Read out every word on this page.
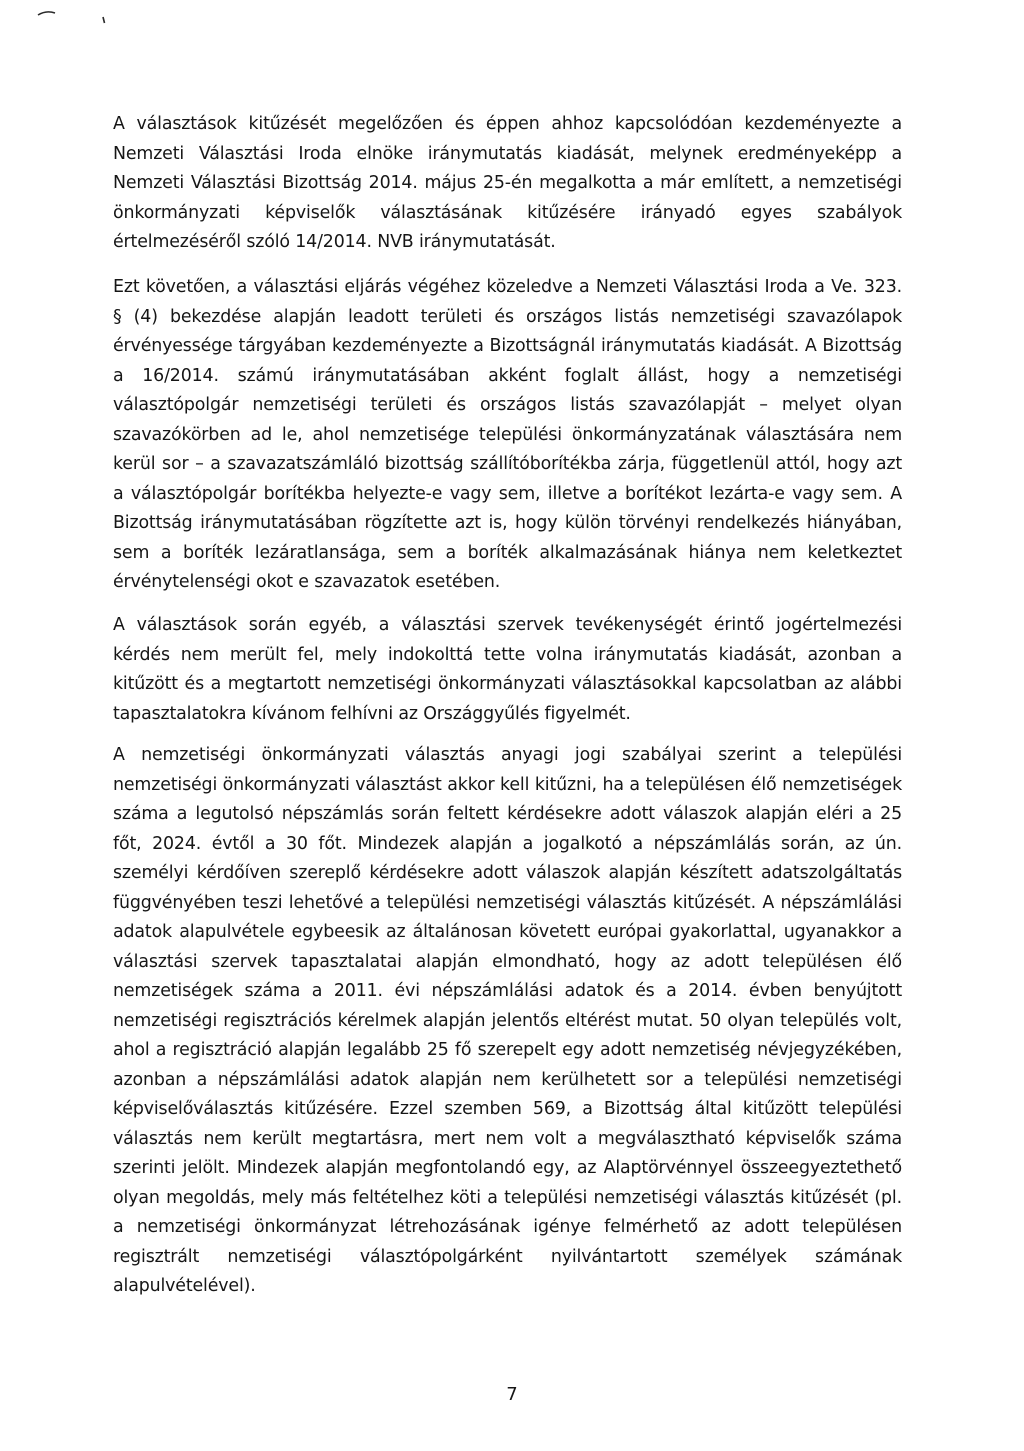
A választások kitűzését megelőzően és éppen ahhoz kapcsolódóan kezdeményezte a Nemzeti Választási Iroda elnöke iránymutatás kiadását, melynek eredményeképp a Nemzeti Választási Bizottság 2014. május 25-én megalkotta a már említett, a nemzetiségi önkormányzati képviselők választásának kitűzésére irányadó egyes szabályok értelmezéséről szóló 14/2014. NVB iránymutatását.

Ezt követően, a választási eljárás végéhez közeledve a Nemzeti Választási Iroda a Ve. 323. § (4) bekezdése alapján leadott területi és országos listás nemzetiségi szavazólapok érvényessége tárgyában kezdeményezte a Bizottságnál iránymutatás kiadását. A Bizottság a 16/2014. számú iránymutatásában akként foglalt állást, hogy a nemzetiségi választópolgár nemzetiségi területi és országos listás szavazólapját – melyet olyan szavazókörben ad le, ahol nemzetisége települési önkormányzatának választására nem kerül sor – a szavazatszámláló bizottság szállítóborítékba zárja, függetlenül attól, hogy azt a választópolgár borítékba helyezte-e vagy sem, illetve a borítékot lezárta-e vagy sem. A Bizottság iránymutatásában rögzítette azt is, hogy külön törvényi rendelkezés hiányában, sem a boríték lezáratlansága, sem a boríték alkalmazásának hiánya nem keletkeztet érvénytelenségi okot e szavazatok esetében.

A választások során egyéb, a választási szervek tevékenységét érintő jogértelmezési kérdés nem merült fel, mely indokolttá tette volna iránymutatás kiadását, azonban a kitűzött és a megtartott nemzetiségi önkormányzati választásokkal kapcsolatban az alábbi tapasztalatokra kívánom felhívni az Országgyűlés figyelmét.

A nemzetiségi önkormányzati választás anyagi jogi szabályai szerint a települési nemzetiségi önkormányzati választást akkor kell kitűzni, ha a településen élő nemzetiségek száma a legutolsó népszámlás során feltett kérdésekre adott válaszok alapján eléri a 25 főt, 2024. évtől a 30 főt. Mindezek alapján a jogalkotó a népszámlálás során, az ún. személyi kérdőíven szereplő kérdésekre adott válaszok alapján készített adatszolgáltatás függvényében teszi lehetővé a települési nemzetiségi választás kitűzését. A népszámlálási adatok alapulvétele egybeesik az általánosan követett európai gyakorlattal, ugyanakkor a választási szervek tapasztalatai alapján elmondható, hogy az adott településen élő nemzetiségek száma a 2011. évi népszámlálási adatok és a 2014. évben benyújtott nemzetiségi regisztrációs kérelmek alapján jelentős eltérést mutat. 50 olyan település volt, ahol a regisztráció alapján legalább 25 fő szerepelt egy adott nemzetiség névjegyzékében, azonban a népszámlálási adatok alapján nem kerülhetett sor a települési nemzetiségi képviselőválasztás kitűzésére. Ezzel szemben 569, a Bizottság által kitűzött települési választás nem került megtartásra, mert nem volt a megválasztható képviselők száma szerinti jelölt. Mindezek alapján megfontolandó egy, az Alaptörvénnyel összeegyeztethető olyan megoldás, mely más feltételhez köti a települési nemzetiségi választás kitűzését (pl. a nemzetiségi önkormányzat létrehozásának igénye felmérhető az adott településen regisztrált nemzetiségi választópolgárként nyilvántartott személyek számának alapulvételével).

7
